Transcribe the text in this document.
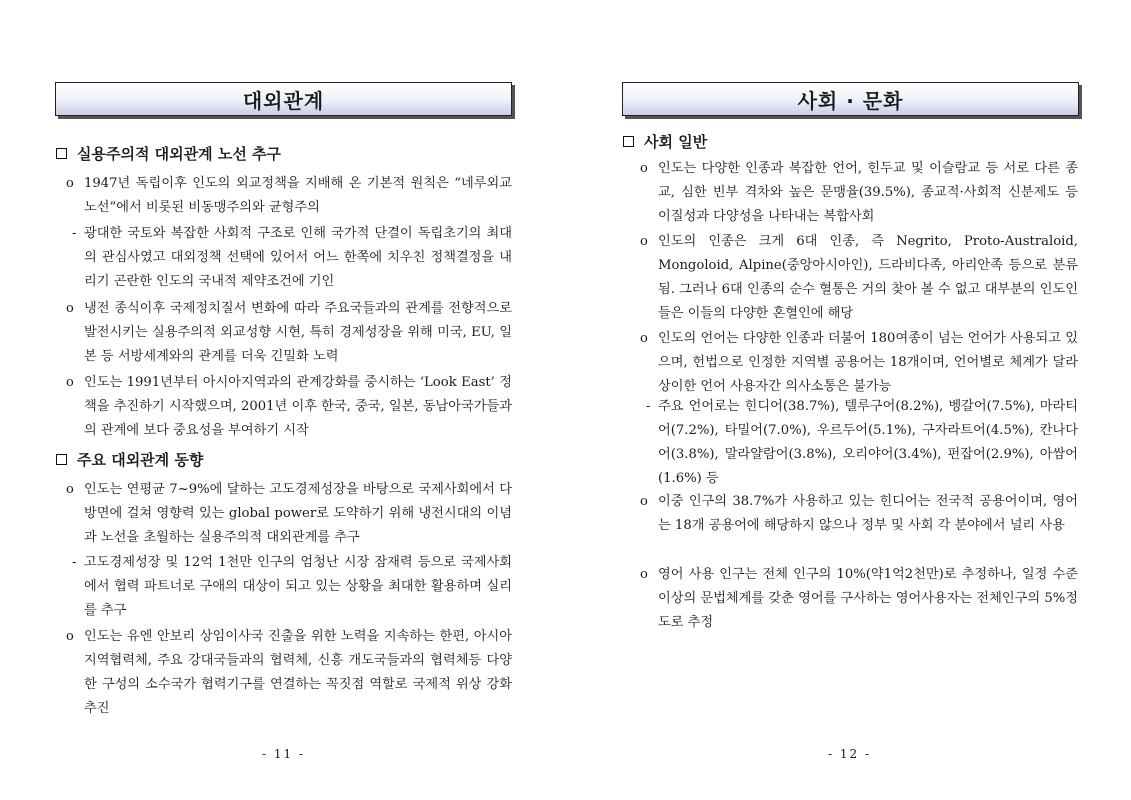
대외관계
실용주의적 대외관계 노선 추구
o 1947년 독립이후 인도의 외교정책을 지배해 온 기본적 원칙은 “네루외교노선”에서 비롯된 비동맹주의와 균형주의
- 광대한 국토와 복잡한 사회적 구조로 인해 국가적 단결이 독립초기의 최대의 관심사였고 대외정책 선택에 있어서 어느 한쪽에 치우친 정책결정을 내리기 곤란한 인도의 국내적 제약조건에 기인
o 냉전 종식이후 국제정치질서 변화에 따라 주요국들과의 관계를 전향적으로 발전시키는 실용주의적 외교성향 시현, 특히 경제성장을 위해 미국, EU, 일본 등 서방세계와의 관계를 더욱 긴밀화 노력
o 인도는 1991년부터 아시아지역과의 관계강화를 중시하는 ‘Look East’ 정책을 추진하기 시작했으며, 2001년 이후 한국, 중국, 일본, 동남아국가들과의 관계에 보다 중요성을 부여하기 시작
주요 대외관계 동향
o 인도는 연평균 7~9%에 달하는 고도경제성장을 바탕으로 국제사회에서 다방면에 걸쳐 영향력 있는 global power로 도약하기 위해 냉전시대의 이념과 노선을 초월하는 실용주의적 대외관계를 추구
- 고도경제성장 및 12억 1천만 인구의 엄청난 시장 잠재력 등으로 국제사회에서 협력 파트너로 구애의 대상이 되고 있는 상황을 최대한 활용하며 실리를 추구
o 인도는 유엔 안보리 상임이사국 진출을 위한 노력을 지속하는 한편, 아시아지역협력체, 주요 강대국들과의 협력체, 신흥 개도국들과의 협력체등 다양한 구성의 소수국가 협력기구를 연결하는 꼭짓점 역할로 국제적 위상 강화 추진
- 11 -
사회 · 문화
사회 일반
o 인도는 다양한 인종과 복잡한 언어, 힌두교 및 이슬람교 등 서로 다른 종교, 심한 빈부 격차와 높은 문맹율(39.5%), 종교적·사회적 신분제도 등 이질성과 다양성을 나타내는 복합사회
o 인도의 인종은 크게 6대 인종, 즉 Negrito, Proto-Australoid, Mongoloid, Alpine(중앙아시아인), 드라비다족, 아리안족 등으로 분류됨. 그러나 6대 인종의 순수 혈통은 거의 찾아 볼 수 없고 대부분의 인도인들은 이들의 다양한 혼혈인에 해당
o 인도의 언어는 다양한 인종과 더불어 180여종이 넘는 언어가 사용되고 있으며, 헌법으로 인정한 지역별 공용어는 18개이며, 언어별로 체계가 달라 상이한 언어 사용자간 의사소통은 불가능
- 주요 언어로는 힌디어(38.7%), 텔루구어(8.2%), 벵갈어(7.5%), 마라티어(7.2%), 타밀어(7.0%), 우르두어(5.1%), 구자라트어(4.5%), 칸나다어(3.8%), 말라얄람어(3.8%), 오리야어(3.4%), 펀잡어(2.9%), 아쌈어(1.6%) 등
o 이중 인구의 38.7%가 사용하고 있는 힌디어는 전국적 공용어이며, 영어는 18개 공용어에 해당하지 않으나 정부 및 사회 각 분야에서 널리 사용
o 영어 사용 인구는 전체 인구의 10%(약1억2천만)로 추정하나, 일정 수준 이상의 문법체계를 갖춘 영어를 구사하는 영어사용자는 전체인구의 5%정도로 추정
- 12 -
